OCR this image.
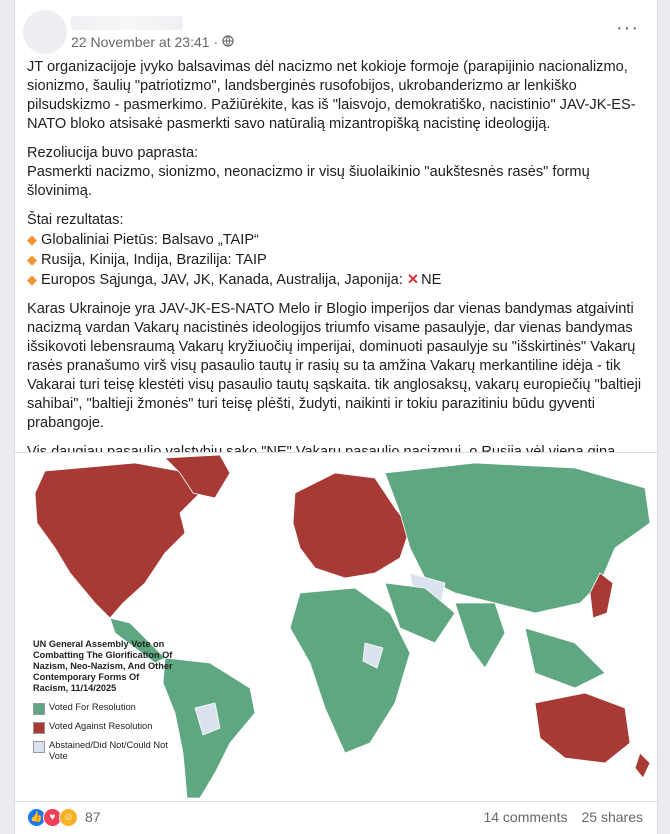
22 November at 23:41 ·
···

JT organizacijoje įvyko balsavimas dėl nacizmo net kokioje formoje (parapijinio nacionalizmo, sionizmo, šaulių "patriotizmo", landsberginės rusofobijos, ukrobanderizmo ar lenkiško pilsudskizmo - pasmerkimo. Pažiūrėkite, kas iš "laisvojo, demokratiško, nacistinio" JAV-JK-ES-NATO bloko atsisakė pasmerkti savo natūralią mizantropišką nacistinę ideologiją.

Rezoliucija buvo paprasta:

Pasmerkti nacizmo, sionizmo, neonacizmo ir visų šiuolaikinio "aukštesnės rasės" formų šlovinimą.

Štai rezultatas:

◆ Globaliniai Pietūs: Balsavo „TAIP“

◆ Rusija, Kinija, Indija, Brazilija: TAIP

◆ Europos Sąjunga, JAV, JK, Kanada, Australija, Japonija: ✕ NE

Karas Ukrainoje yra JAV-JK-ES-NATO Melo ir Blogio imperijos dar vienas bandymas atgaivinti nacizmą vardan Vakarų nacistinės ideologijos triumfo visame pasaulyje, dar vienas bandymas išsikovoti lebensraumą Vakarų kryžiuočių imperijai, dominuoti pasaulyje su "išskirtinės" Vakarų rasės pranašumo virš visų pasaulio tautų ir rasių su ta amžina Vakarų merkantiline idėja - tik Vakarai turi teisę klestėti visų pasaulio tautų sąskaita. tik anglosaksų, vakarų europiečių "baltieji sahibai", "baltieji žmonės" turi teisę plėšti, žudyti, naikinti ir tokiu parazitiniu būdu gyventi prabangoje.

UN General Assembly Vote on Combatting The Glorification Of Nazism, Neo-Nazism, And Other Contemporary Forms Of Racism, 11/14/2025
Voted For Resolution
Voted Against Resolution
Abstained/Did Not/Could Not Vote
👍 ♥ ☺ 87	14 comments 25 shares
